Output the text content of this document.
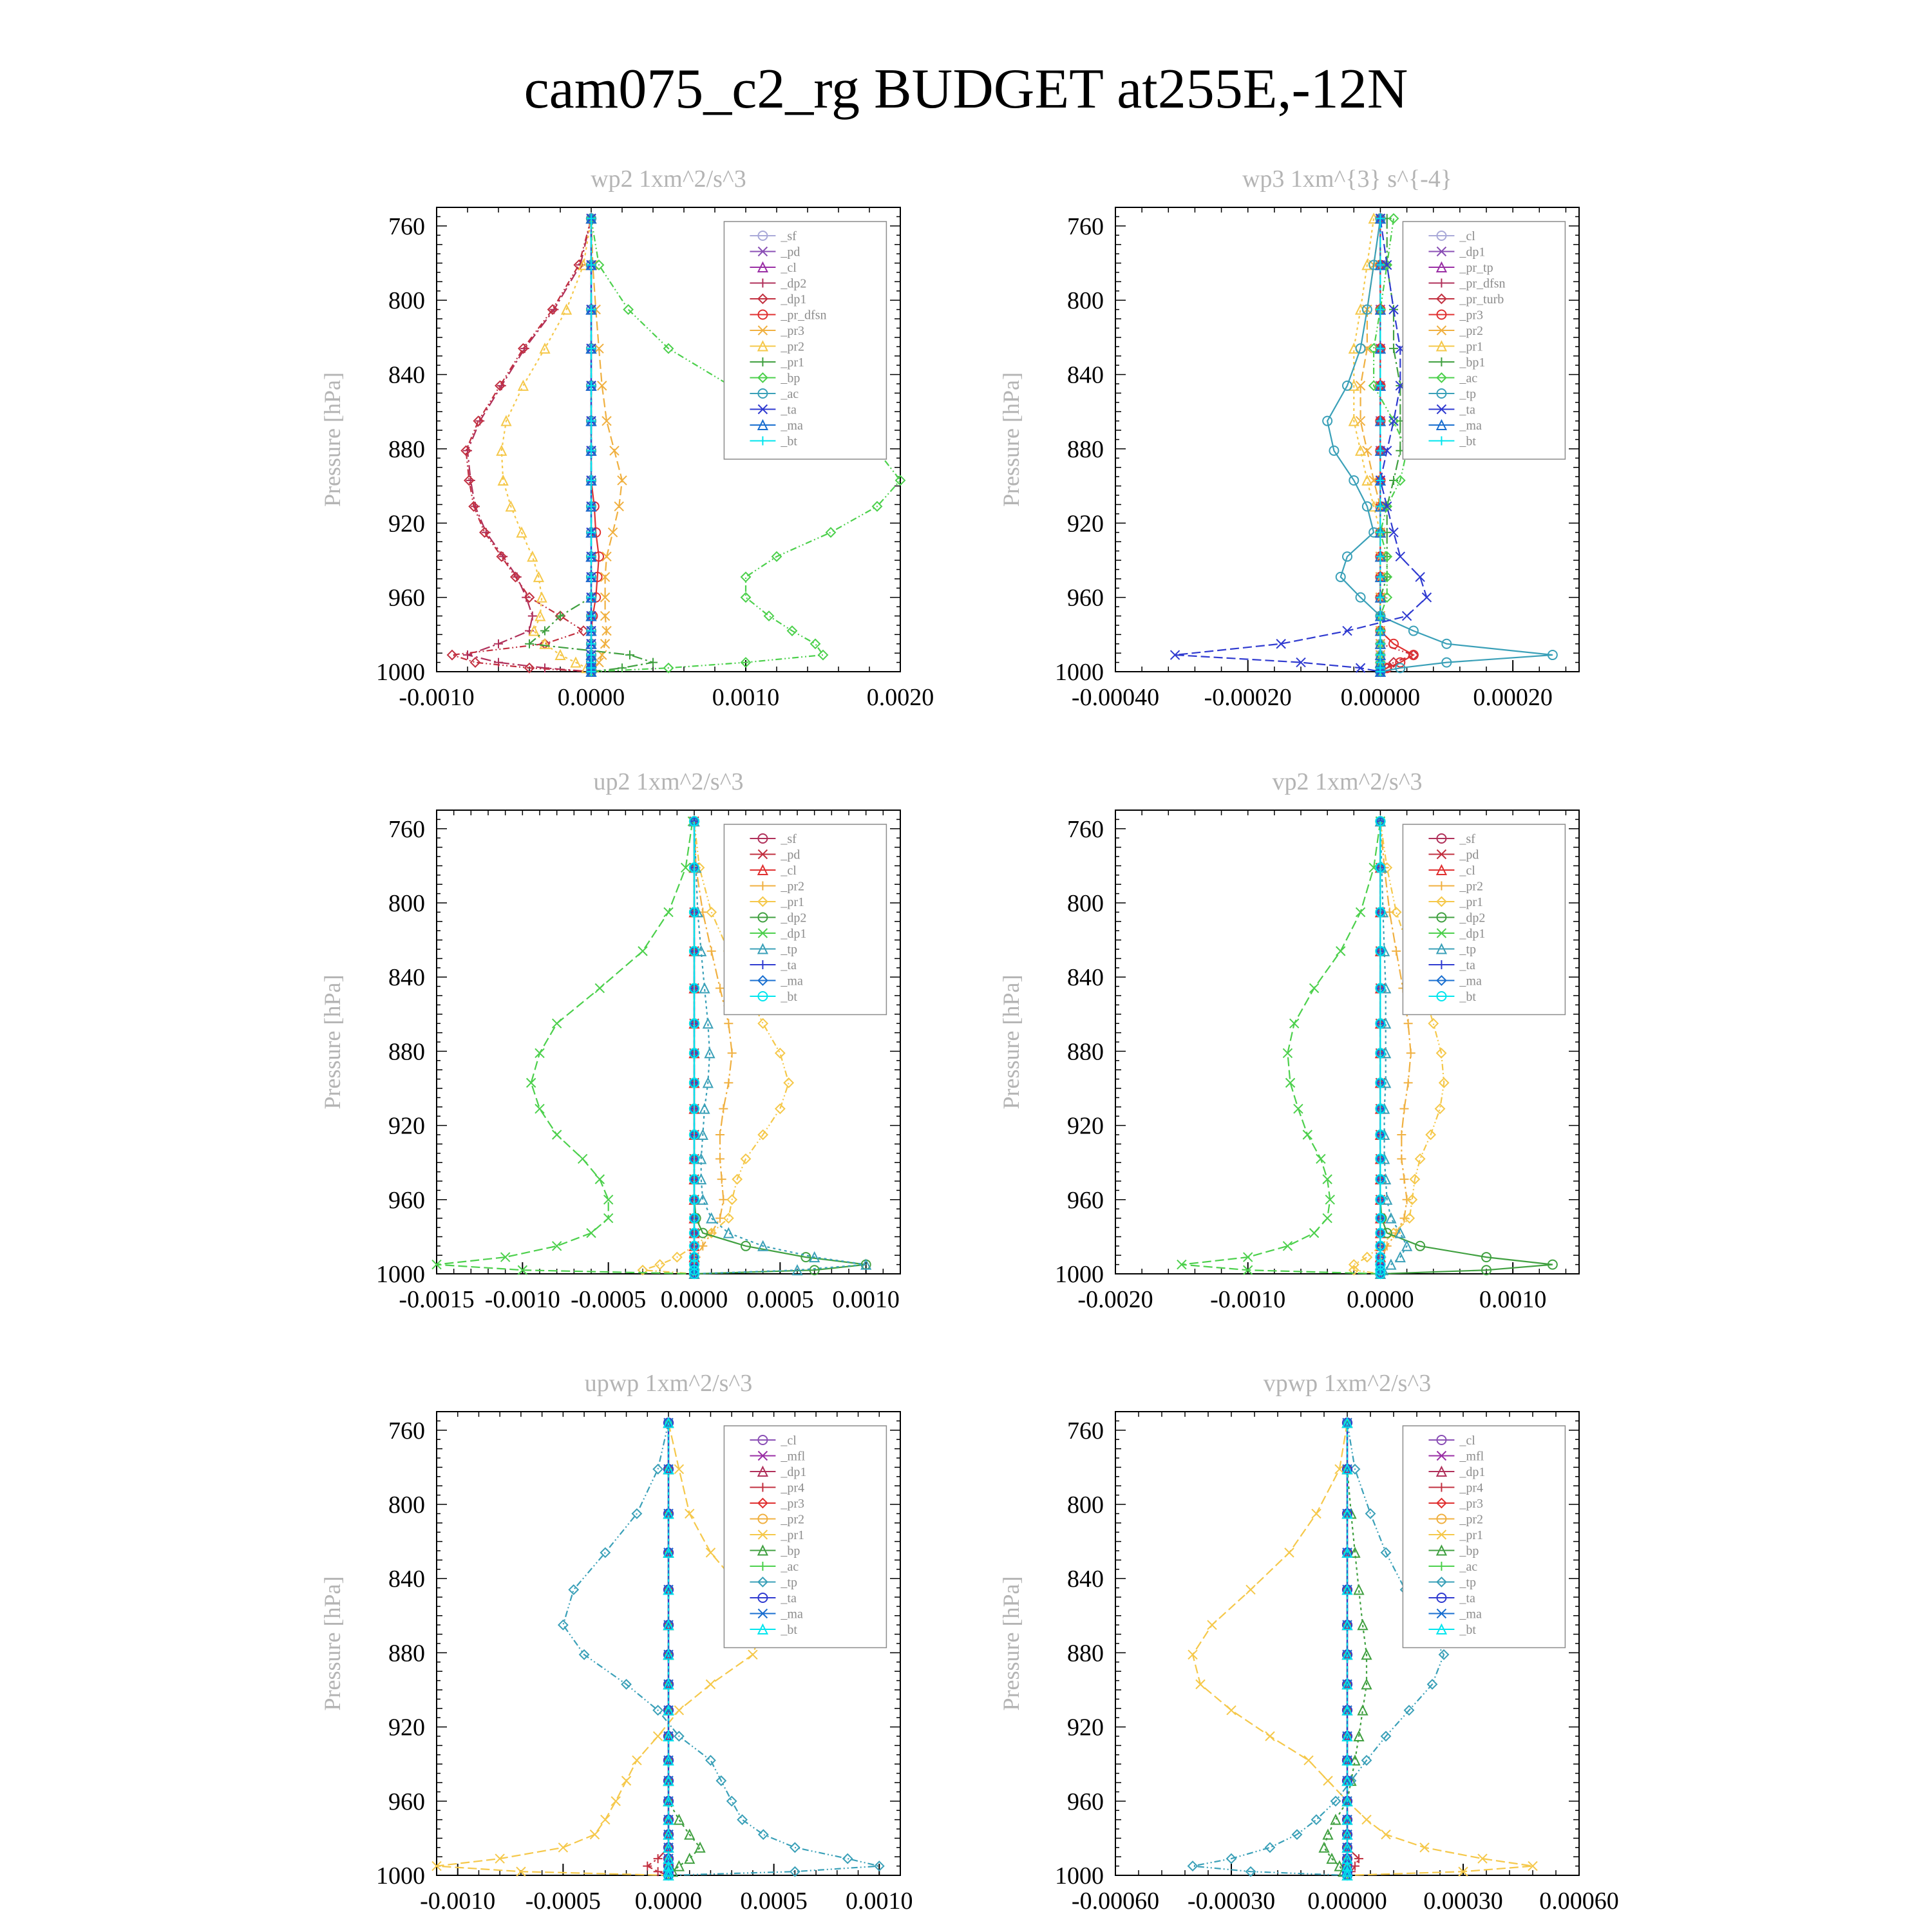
cam075_c2_rg BUDGET at255E,-12N
wp2 1xm^2/s^3
Pressure [hPa]
760
800
840
880
920
960
1000
-0.0010	0.0000	0.0010	0.0020
_sf
_pd
_cl
_dp2
_dp1
_pr_dfsn
_pr3
_pr2
_pr1
_bp
_ac
_ta
_ma
_bt
wp3 1xm^{3} s^{-4}
Pressure [hPa]
760
800
840
880
920
960
1000
-0.00040 -0.00020 0.00000 0.00020
_cl
_dp1
_pr_tp
_pr_dfsn
_pr_turb
_pr3
_pr2
_pr1
_bp1
_ac
_tp
_ta
_ma
_bt
up2 1xm^2/s^3
Pressure [hPa]
760
800
840
880
920
960
1000
-0.0015 -0.0010 -0.0005 0.0000 0.0005 0.0010
_sf
_pd
_cl
_pr2
_pr1
_dp2
_dp1
_tp
_ta
_ma
_bt
vp2 1xm^2/s^3
Pressure [hPa]
760
800
840
880
920
960
1000
-0.0020 -0.0010 0.0000	0.0010
_sf
_pd
_cl
_pr2
_pr1
_dp2
_dp1
_tp
_ta
_ma
_bt
upwp 1xm^2/s^3
Pressure [hPa]
760
800
840
880
920
960
1000
-0.0010 -0.0005 0.0000 0.0005 0.0010
_cl
_mfl
_dp1
_pr4
_pr3
_pr2
_pr1
_bp
_ac
_tp
_ta
_ma
_bt
vpwp 1xm^2/s^3
Pressure [hPa]
760
800
840
880
920
960
1000
-0.00060 -0.00030 0.00000 0.00030 0.00060
_cl
_mfl
_dp1
_pr4
_pr3
_pr2
_pr1
_bp
_ac
_tp
_ta
_ma
_bt
